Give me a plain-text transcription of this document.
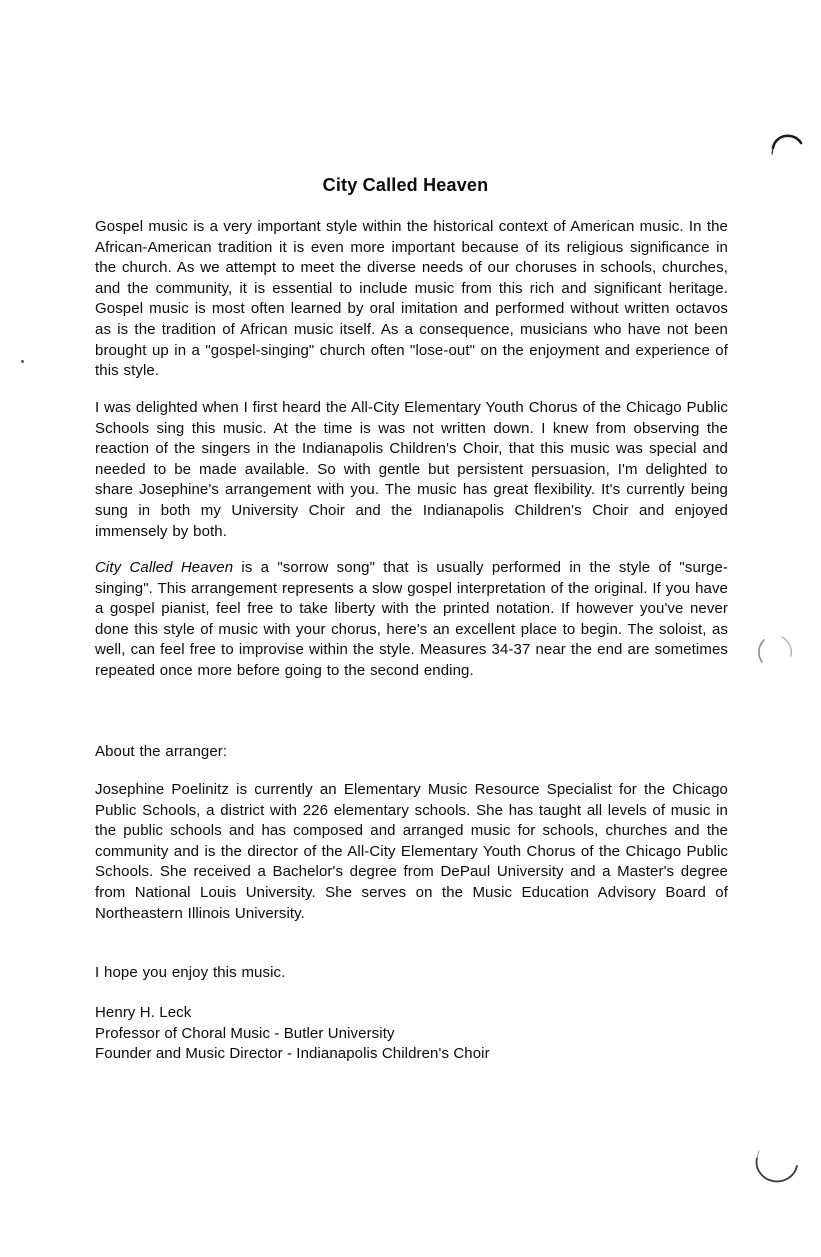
City Called Heaven

Gospel music is a very important style within the historical context of American music. In the African-American tradition it is even more important because of its religious significance in the church. As we attempt to meet the diverse needs of our choruses in schools, churches, and the community, it is essential to include music from this rich and significant heritage. Gospel music is most often learned by oral imitation and performed without written octavos as is the tradition of African music itself. As a consequence, musicians who have not been brought up in a "gospel-singing" church often "lose-out" on the enjoyment and experience of this style.

I was delighted when I first heard the All-City Elementary Youth Chorus of the Chicago Public Schools sing this music. At the time is was not written down. I knew from observing the reaction of the singers in the Indianapolis Children's Choir, that this music was special and needed to be made available. So with gentle but persistent persuasion, I'm delighted to share Josephine's arrangement with you. The music has great flexibility. It's currently being sung in both my University Choir and the Indianapolis Children's Choir and enjoyed immensely by both.

City Called Heaven is a "sorrow song" that is usually performed in the style of "surge-singing". This arrangement represents a slow gospel interpretation of the original. If you have a gospel pianist, feel free to take liberty with the printed notation. If however you've never done this style of music with your chorus, here's an excellent place to begin. The soloist, as well, can feel free to improvise within the style. Measures 34-37 near the end are sometimes repeated once more before going to the second ending.

About the arranger:

Josephine Poelinitz is currently an Elementary Music Resource Specialist for the Chicago Public Schools, a district with 226 elementary schools. She has taught all levels of music in the public schools and has composed and arranged music for schools, churches and the community and is the director of the All-City Elementary Youth Chorus of the Chicago Public Schools. She received a Bachelor's degree from DePaul University and a Master's degree from National Louis University. She serves on the Music Education Advisory Board of Northeastern Illinois University.

I hope you enjoy this music.

Henry H. Leck
Professor of Choral Music - Butler University
Founder and Music Director - Indianapolis Children's Choir
